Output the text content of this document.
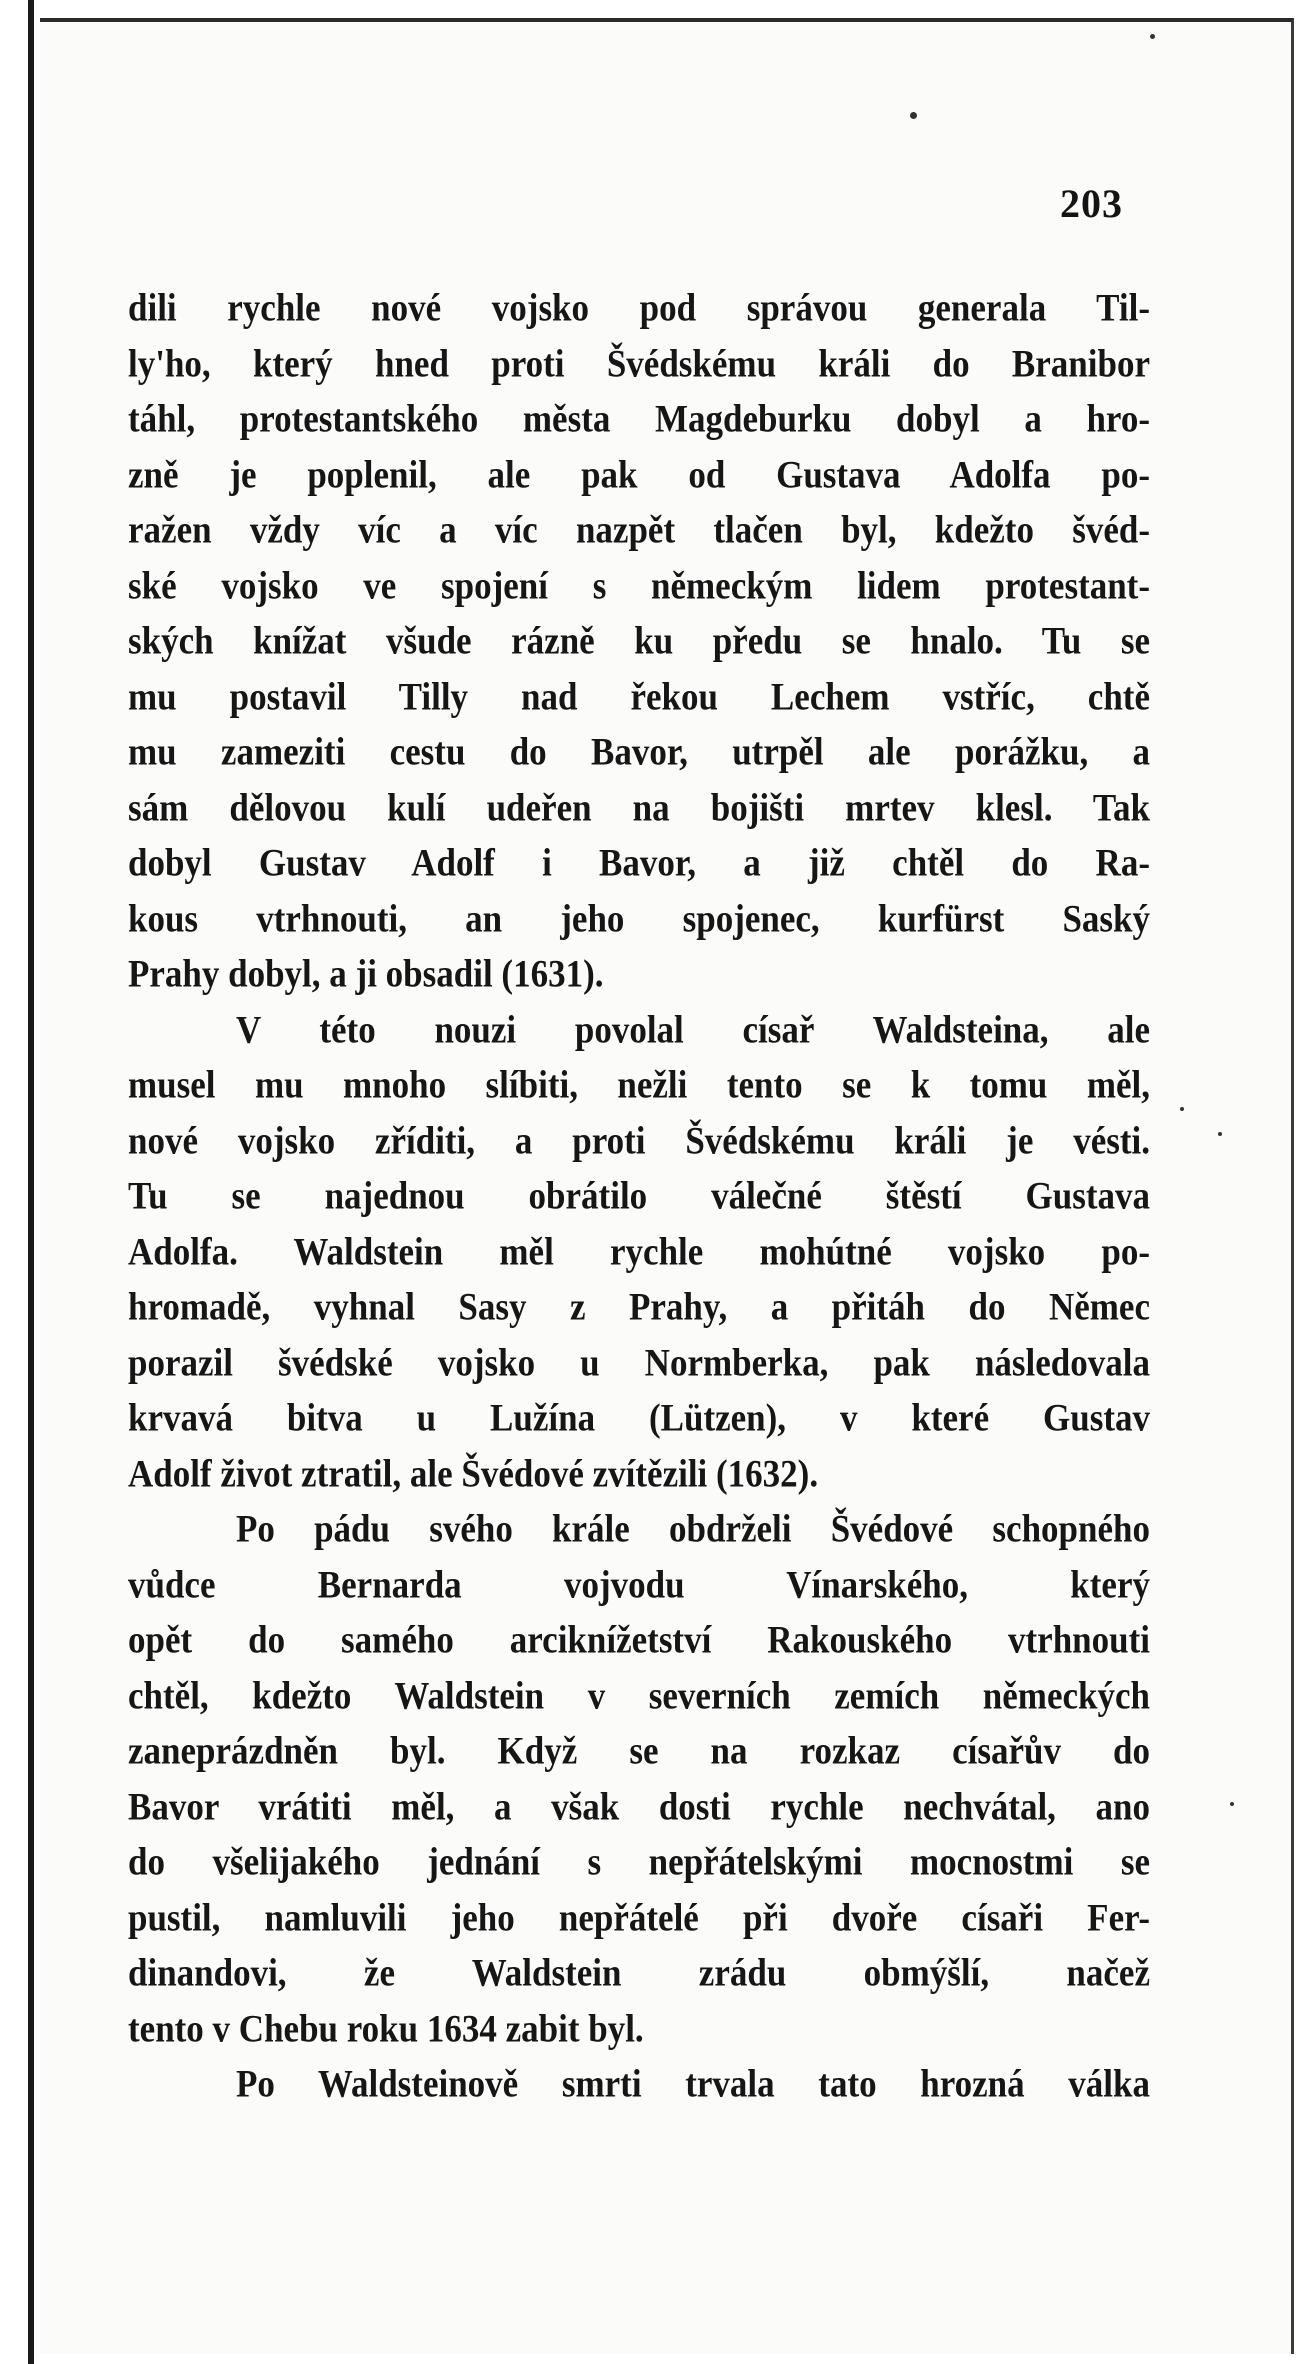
203
dili rychle nové vojsko pod správou generala Til-
ly'ho, který hned proti Švédskému králi do Branibor
táhl, protestantského města Magdeburku dobyl a hro-
zně je poplenil, ale pak od Gustava Adolfa po-
ražen vždy víc a víc nazpět tlačen byl, kdežto švéd-
ské vojsko ve spojení s německým lidem protestant-
ských knížat všude rázně ku předu se hnalo. Tu se
mu postavil Tilly nad řekou Lechem vstříc, chtě
mu zameziti cestu do Bavor, utrpěl ale porážku, a
sám dělovou kulí udeřen na bojišti mrtev klesl. Tak
dobyl Gustav Adolf i Bavor, a již chtěl do Ra-
kous vtrhnouti, an jeho spojenec, kurfürst Saský
Prahy dobyl, a ji obsadil (1631).
V této nouzi povolal císař Waldsteina, ale
musel mu mnoho slíbiti, nežli tento se k tomu měl,
nové vojsko zříditi, a proti Švédskému králi je vésti.
Tu se najednou obrátilo válečné štěstí Gustava
Adolfa. Waldstein měl rychle mohútné vojsko po-
hromadě, vyhnal Sasy z Prahy, a přitáh do Němec
porazil švédské vojsko u Normberka, pak následovala
krvavá bitva u Lužína (Lützen), v které Gustav
Adolf život ztratil, ale Švédové zvítězili (1632).
Po pádu svého krále obdrželi Švédové schopného
vůdce Bernarda vojvodu Vínarského, který
opět do samého arciknížetství Rakouského vtrhnouti
chtěl, kdežto Waldstein v severních zemích německých
zaneprázdněn byl. Když se na rozkaz císařův do
Bavor vrátiti měl, a však dosti rychle nechvátal, ano
do všelijakého jednání s nepřátelskými mocnostmi se
pustil, namluvili jeho nepřátelé při dvoře císaři Fer-
dinandovi, že Waldstein zrádu obmýšlí, načež
tento v Chebu roku 1634 zabit byl.
Po Waldsteinově smrti trvala tato hrozná válka
